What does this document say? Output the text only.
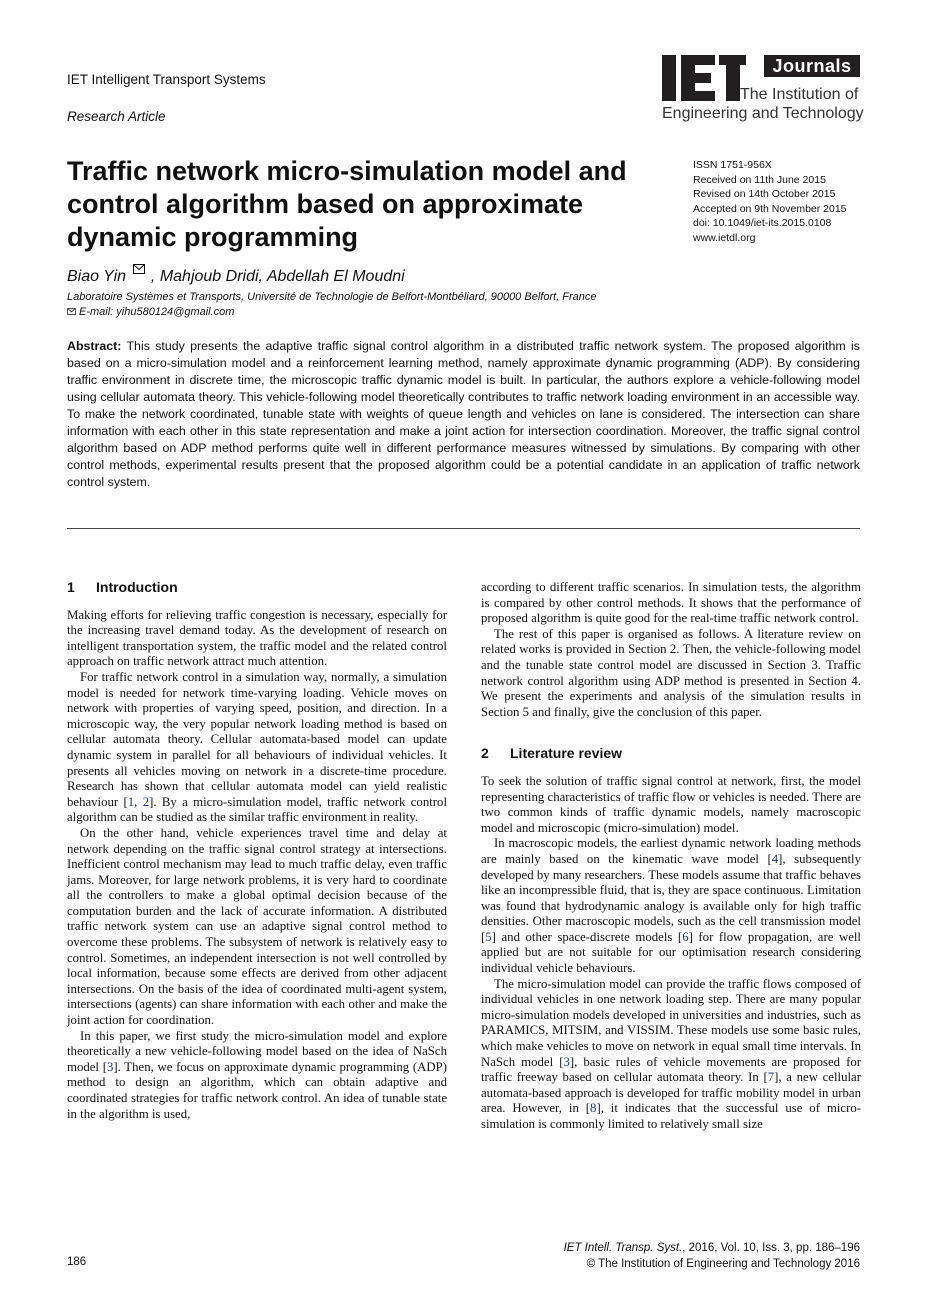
IET Intelligent Transport Systems
Research Article
Journals
The Institution of
Engineering and Technology
Traffic network micro-simulation model and control algorithm based on approximate dynamic programming
ISSN 1751-956X
Received on 11th June 2015
Revised on 14th October 2015
Accepted on 9th November 2015
doi: 10.1049/iet-its.2015.0108
www.ietdl.org
Biao Yin , Mahjoub Dridi, Abdellah El Moudni
Laboratoire Systèmes et Transports, Université de Technologie de Belfort-Montbéliard, 90000 Belfort, France
E-mail: yihu580124@gmail.com
Abstract: This study presents the adaptive traffic signal control algorithm in a distributed traffic network system. The proposed algorithm is based on a micro-simulation model and a reinforcement learning method, namely approximate dynamic programming (ADP). By considering traffic environment in discrete time, the microscopic traffic dynamic model is built. In particular, the authors explore a vehicle-following model using cellular automata theory. This vehicle-following model theoretically contributes to traffic network loading environment in an accessible way. To make the network coordinated, tunable state with weights of queue length and vehicles on lane is considered. The intersection can share information with each other in this state representation and make a joint action for intersection coordination. Moreover, the traffic signal control algorithm based on ADP method performs quite well in different performance measures witnessed by simulations. By comparing with other control methods, experimental results present that the proposed algorithm could be a potential candidate in an application of traffic network control system.
1 Introduction

Making efforts for relieving traffic congestion is necessary, especially for the increasing travel demand today. As the development of research on intelligent transportation system, the traffic model and the related control approach on traffic network attract much attention.

For traffic network control in a simulation way, normally, a simulation model is needed for network time-varying loading. Vehicle moves on network with properties of varying speed, position, and direction. In a microscopic way, the very popular network loading method is based on cellular automata theory. Cellular automata-based model can update dynamic system in parallel for all behaviours of individual vehicles. It presents all vehicles moving on network in a discrete-time procedure. Research has shown that cellular automata model can yield realistic behaviour [1, 2]. By a micro-simulation model, traffic network control algorithm can be studied as the similar traffic environment in reality.

On the other hand, vehicle experiences travel time and delay at network depending on the traffic signal control strategy at intersections. Inefficient control mechanism may lead to much traffic delay, even traffic jams. Moreover, for large network problems, it is very hard to coordinate all the controllers to make a global optimal decision because of the computation burden and the lack of accurate information. A distributed traffic network system can use an adaptive signal control method to overcome these problems. The subsystem of network is relatively easy to control. Sometimes, an independent intersection is not well controlled by local information, because some effects are derived from other adjacent intersections. On the basis of the idea of coordinated multi-agent system, intersections (agents) can share information with each other and make the joint action for coordination.

In this paper, we first study the micro-simulation model and explore theoretically a new vehicle-following model based on the idea of NaSch model [3]. Then, we focus on approximate dynamic programming (ADP) method to design an algorithm, which can obtain adaptive and coordinated strategies for traffic network control. An idea of tunable state in the algorithm is used,

according to different traffic scenarios. In simulation tests, the algorithm is compared by other control methods. It shows that the performance of proposed algorithm is quite good for the real-time traffic network control.

The rest of this paper is organised as follows. A literature review on related works is provided in Section 2. Then, the vehicle-following model and the tunable state control model are discussed in Section 3. Traffic network control algorithm using ADP method is presented in Section 4. We present the experiments and analysis of the simulation results in Section 5 and finally, give the conclusion of this paper.

2 Literature review

To seek the solution of traffic signal control at network, first, the model representing characteristics of traffic flow or vehicles is needed. There are two common kinds of traffic dynamic models, namely macroscopic model and microscopic (micro-simulation) model.

In macroscopic models, the earliest dynamic network loading methods are mainly based on the kinematic wave model [4], subsequently developed by many researchers. These models assume that traffic behaves like an incompressible fluid, that is, they are space continuous. Limitation was found that hydrodynamic analogy is available only for high traffic densities. Other macroscopic models, such as the cell transmission model [5] and other space-discrete models [6] for flow propagation, are well applied but are not suitable for our optimisation research considering individual vehicle behaviours.

The micro-simulation model can provide the traffic flows composed of individual vehicles in one network loading step. There are many popular micro-simulation models developed in universities and industries, such as PARAMICS, MITSIM, and VISSIM. These models use some basic rules, which make vehicles to move on network in equal small time intervals. In NaSch model [3], basic rules of vehicle movements are proposed for traffic freeway based on cellular automata theory. In [7], a new cellular automata-based approach is developed for traffic mobility model in urban area. However, in [8], it indicates that the successful use of micro-simulation is commonly limited to relatively small size

IET Intell. Transp. Syst., 2016, Vol. 10, Iss. 3, pp. 186–196
© The Institution of Engineering and Technology 2016
186
